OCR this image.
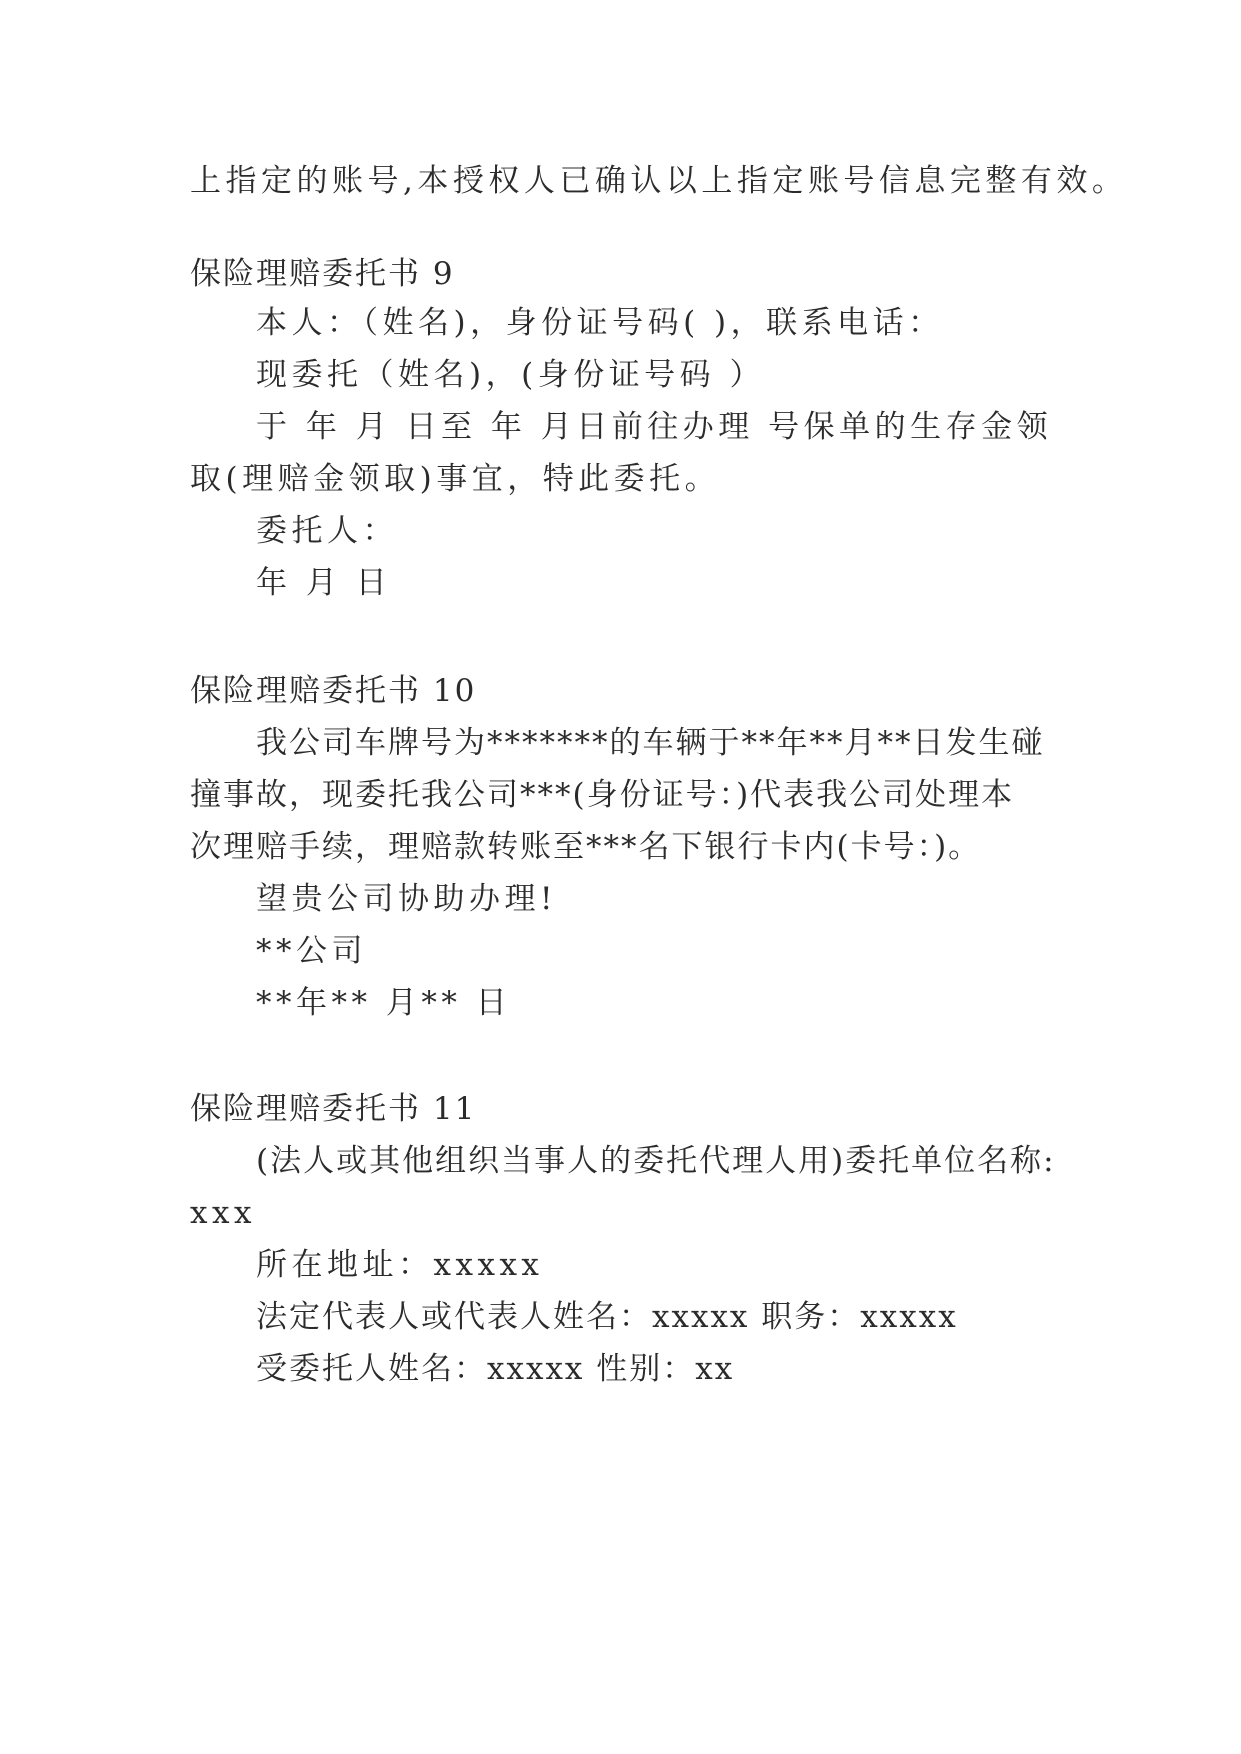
上指定的账号,本授权人已确认以上指定账号信息完整有效。
保险理赔委托书 9
本人：（姓名)，身份证号码( )，联系电话：
现委托（姓名)，(身份证号码 ）
于 年 月 日至 年 月日前往办理 号保单的生存金领
取(理赔金领取)事宜，特此委托。
委托人：
年 月 日
保险理赔委托书 10
我公司车牌号为*******的车辆于**年**月**日发生碰
撞事故，现委托我公司***(身份证号：)代表我公司处理本
次理赔手续，理赔款转账至***名下银行卡内(卡号：)。
望贵公司协助办理!
**公司
**年** 月** 日
保险理赔委托书 11
(法人或其他组织当事人的委托代理人用)委托单位名称:
xxx
所在地址：xxxxx
法定代表人或代表人姓名：xxxxx 职务：xxxxx
受委托人姓名：xxxxx 性别：xx
